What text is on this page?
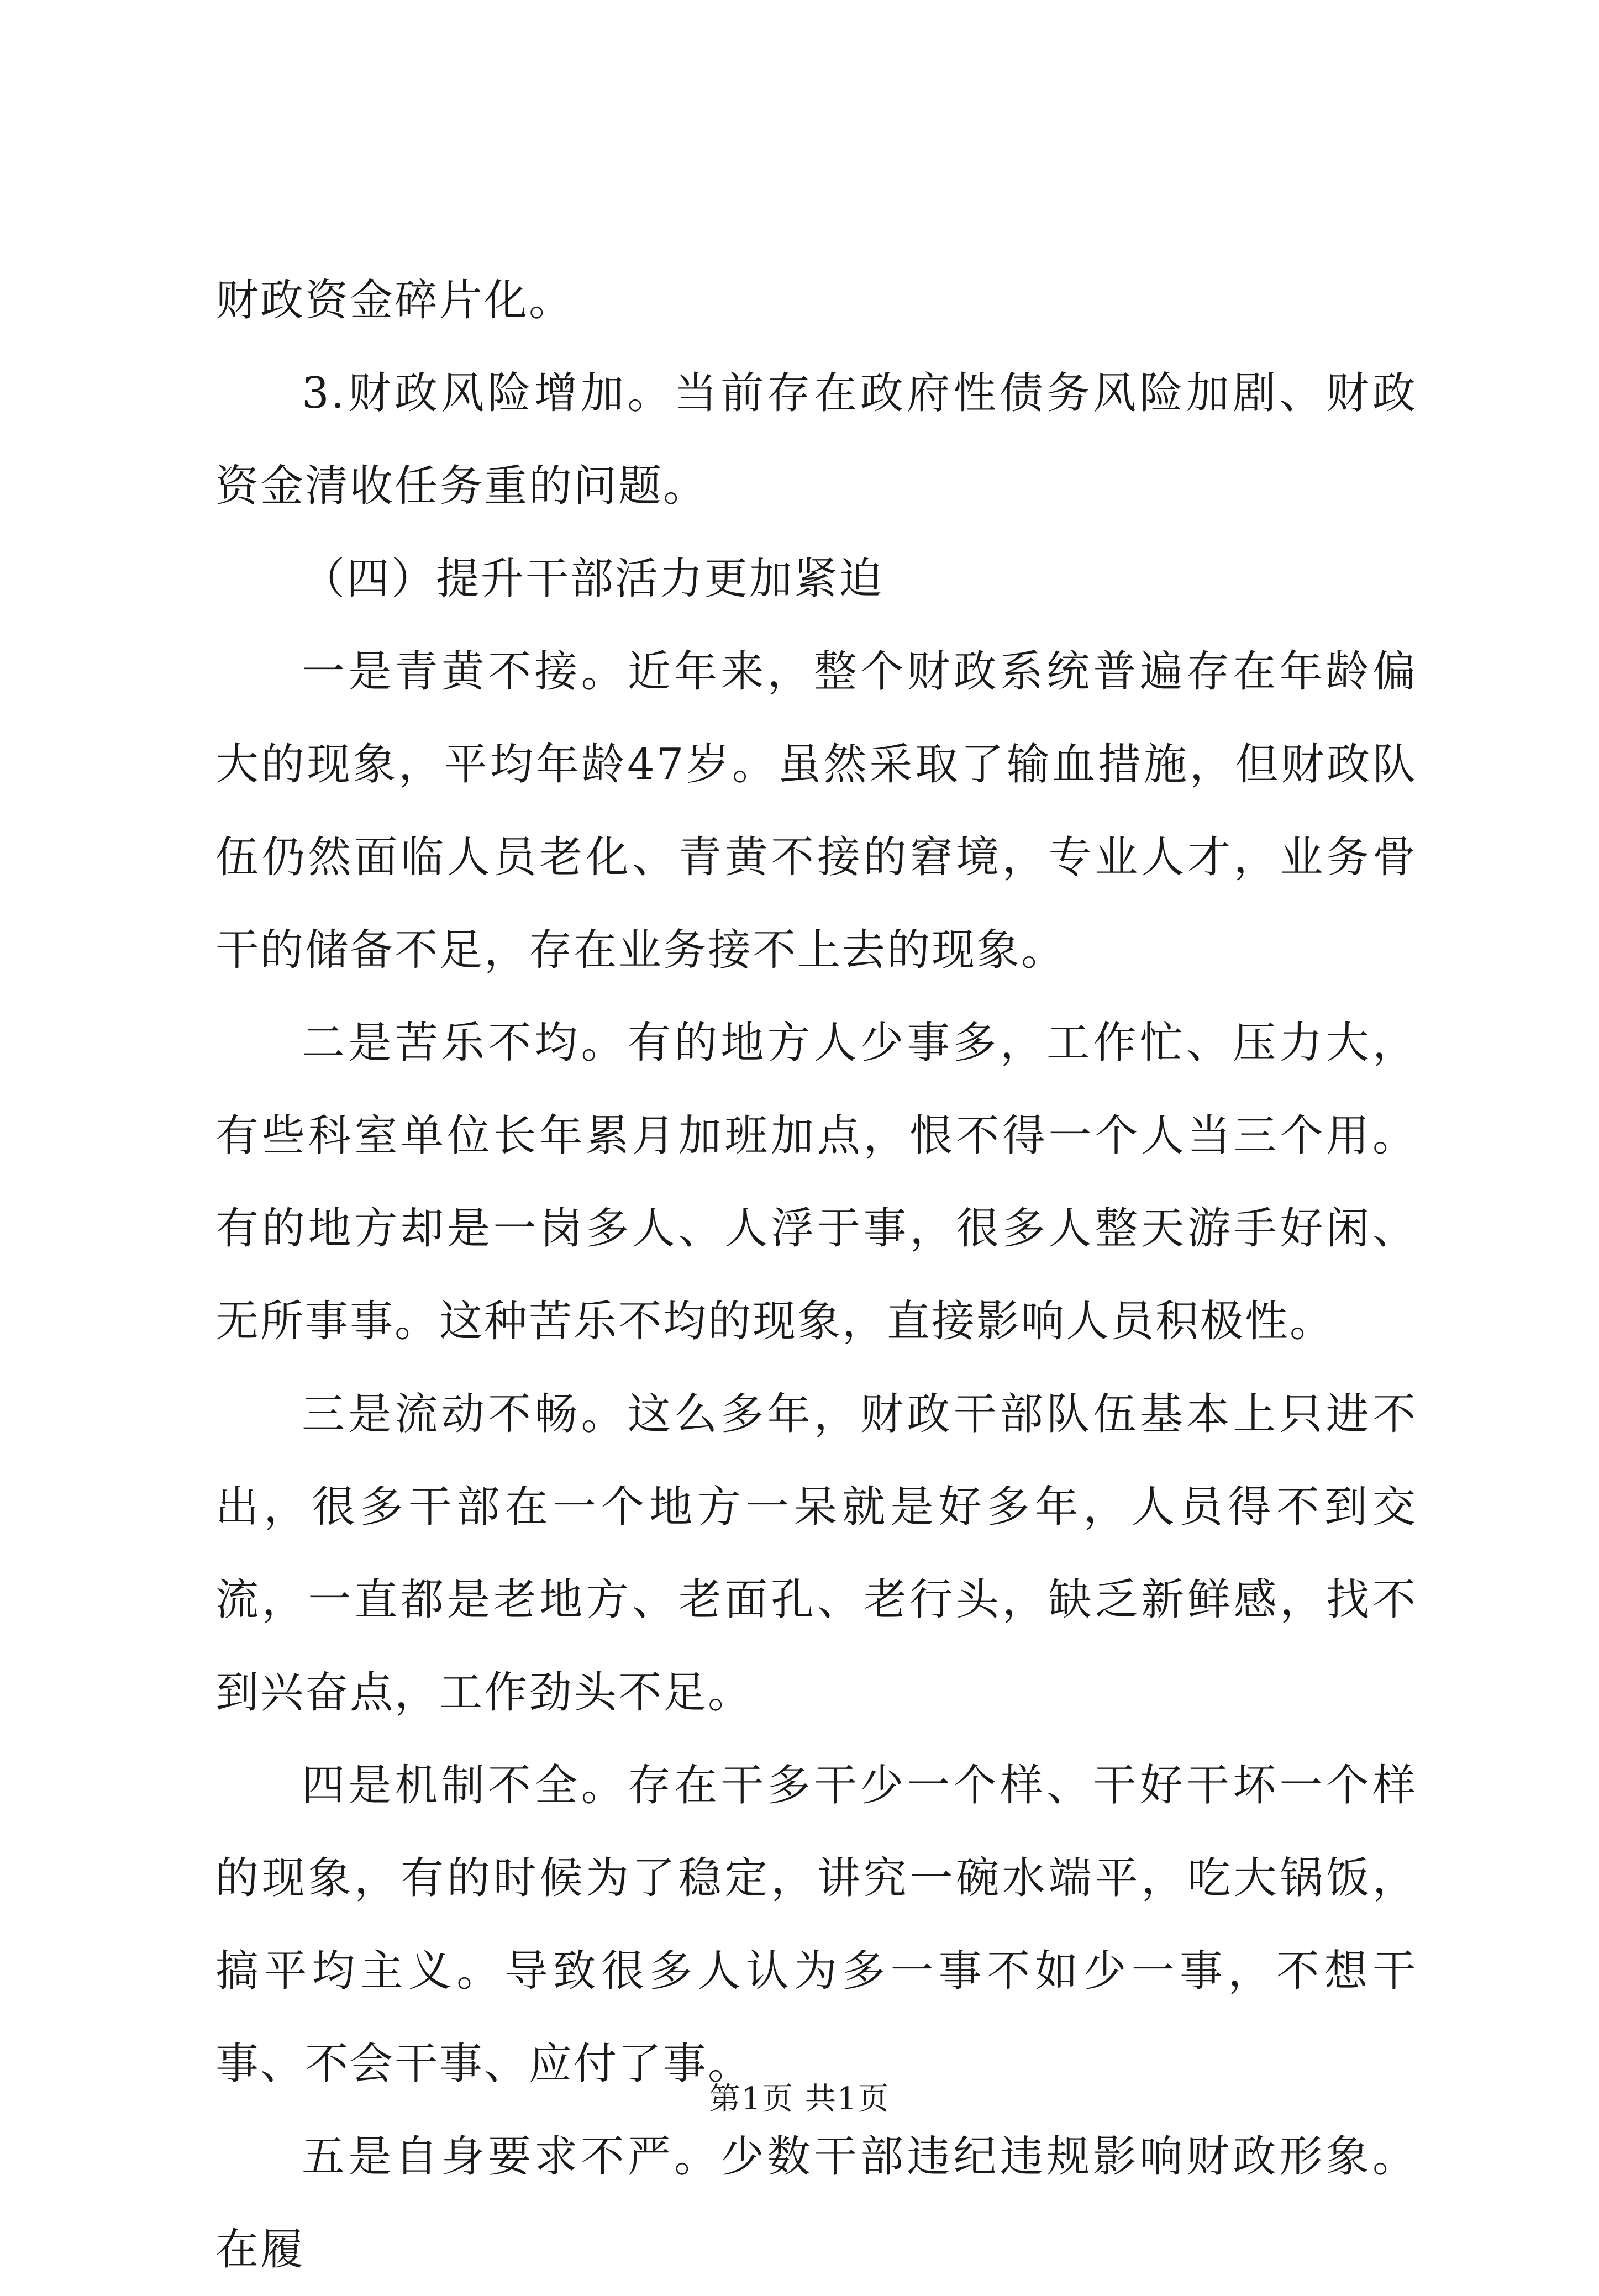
财政资金碎片化。

3.财政风险增加。当前存在政府性债务风险加剧、财政资金清收任务重的问题。

（四）提升干部活力更加紧迫

一是青黄不接。近年来，整个财政系统普遍存在年龄偏大的现象，平均年龄47岁。虽然采取了输血措施，但财政队伍仍然面临人员老化、青黄不接的窘境，专业人才，业务骨干的储备不足，存在业务接不上去的现象。

二是苦乐不均。有的地方人少事多，工作忙、压力大，有些科室单位长年累月加班加点，恨不得一个人当三个用。有的地方却是一岗多人、人浮于事，很多人整天游手好闲、无所事事。这种苦乐不均的现象，直接影响人员积极性。

三是流动不畅。这么多年，财政干部队伍基本上只进不出，很多干部在一个地方一呆就是好多年，人员得不到交流，一直都是老地方、老面孔、老行头，缺乏新鲜感，找不到兴奋点，工作劲头不足。

四是机制不全。存在干多干少一个样、干好干坏一个样的现象，有的时候为了稳定，讲究一碗水端平，吃大锅饭，搞平均主义。导致很多人认为多一事不如少一事，不想干事、不会干事、应付了事。

五是自身要求不严。少数干部违纪违规影响财政形象。在履

第1页 共1页
